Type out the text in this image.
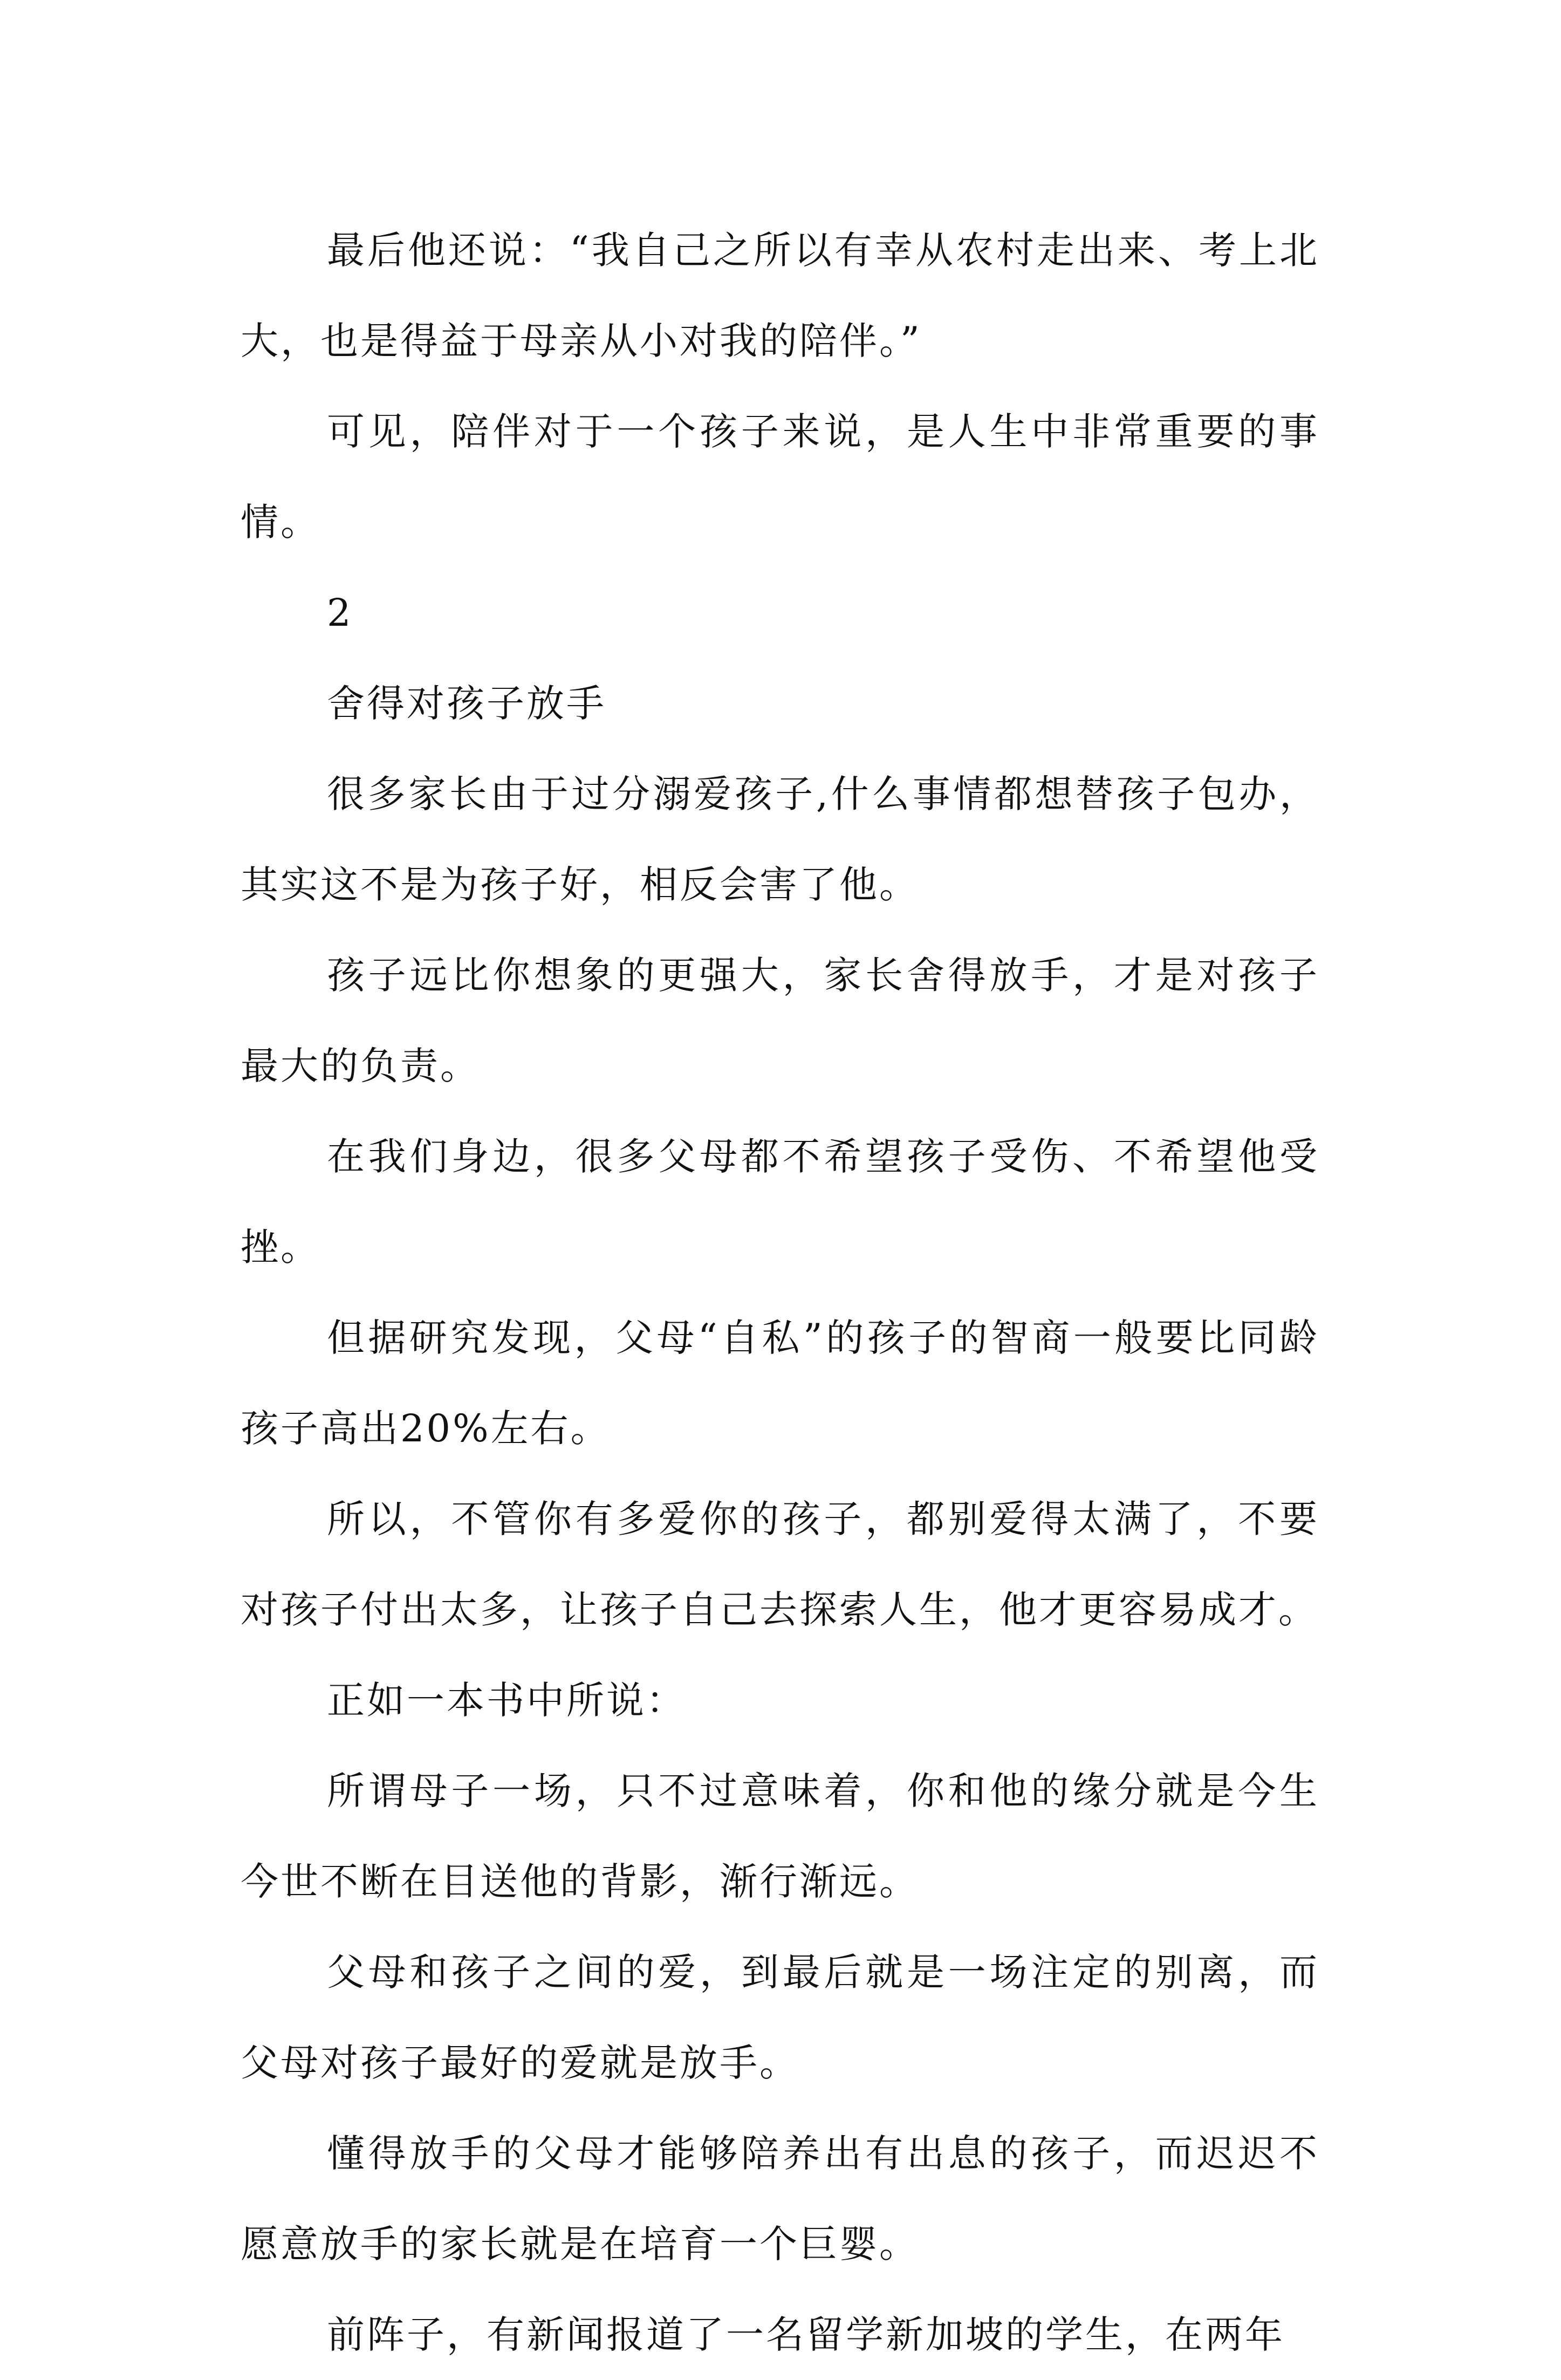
最后他还说：“我自己之所以有幸从农村走出来、考上北大，也是得益于母亲从小对我的陪伴。”

可见，陪伴对于一个孩子来说，是人生中非常重要的事情。

2

舍得对孩子放手

很多家长由于过分溺爱孩子,什么事情都想替孩子包办，其实这不是为孩子好，相反会害了他。

孩子远比你想象的更强大，家长舍得放手，才是对孩子最大的负责。

在我们身边，很多父母都不希望孩子受伤、不希望他受挫。

但据研究发现，父母“自私”的孩子的智商一般要比同龄孩子高出20%左右。

所以，不管你有多爱你的孩子，都别爱得太满了，不要对孩子付出太多，让孩子自己去探索人生，他才更容易成才。

正如一本书中所说：

所谓母子一场，只不过意味着，你和他的缘分就是今生今世不断在目送他的背影，渐行渐远。

父母和孩子之间的爱，到最后就是一场注定的别离，而父母对孩子最好的爱就是放手。

懂得放手的父母才能够陪养出有出息的孩子，而迟迟不愿意放手的家长就是在培育一个巨婴。

前阵子，有新闻报道了一名留学新加坡的学生，在两年
